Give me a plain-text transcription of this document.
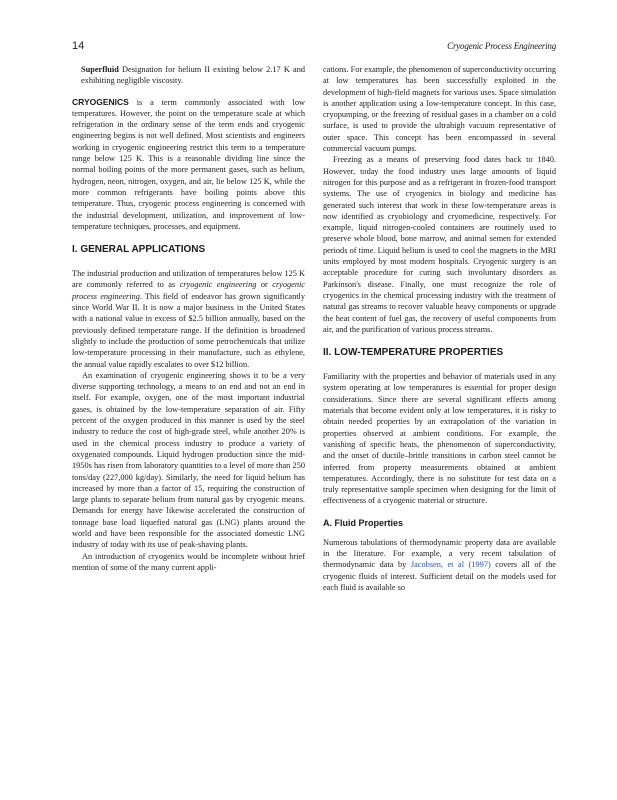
14	Cryogenic Process Engineering

Superfluid Designation for helium II existing below 2.17 K and exhibiting negligible viscosity.

CRYOGENICS is a term commonly associated with low temperatures. However, the point on the temperature scale at which refrigeration in the ordinary sense of the term ends and cryogenic engineering begins is not well defined. Most scientists and engineers working in cryogenic engineering restrict this term to a temperature range below 125 K. This is a reasonable dividing line since the normal boiling points of the more permanent gases, such as helium, hydrogen, neon, nitrogen, oxygen, and air, lie below 125 K, while the more common refrigerants have boiling points above this temperature. Thus, cryogenic process engineering is concerned with the industrial development, utilization, and improvement of low-temperature techniques, processes, and equipment.

I. GENERAL APPLICATIONS

The industrial production and utilization of temperatures below 125 K are commonly referred to as cryogenic engineering or cryogenic process engineering. This field of endeavor has grown significantly since World War II. It is now a major business in the United States with a national value in excess of $2.5 billion annually, based on the previously defined temperature range. If the definition is broadened slightly to include the production of some petrochemicals that utilize low-temperature processing in their manufacture, such as ethylene, the annual value rapidly escalates to over $12 billion.

An examination of cryogenic engineering shows it to be a very diverse supporting technology, a means to an end and not an end in itself. For example, oxygen, one of the most important industrial gases, is obtained by the low-temperature separation of air. Fifty percent of the oxygen produced in this manner is used by the steel industry to reduce the cost of high-grade steel, while another 20% is used in the chemical process industry to produce a variety of oxygenated compounds. Liquid hydrogen production since the mid-1950s has risen from laboratory quantities to a level of more than 250 tons/day (227,000 kg/day). Similarly, the need for liquid helium has increased by more than a factor of 15, requiring the construction of large plants to separate helium from natural gas by cryogenic means. Demands for energy have likewise accelerated the construction of tonnage base load liquefied natural gas (LNG) plants around the world and have been responsible for the associated domestic LNG industry of today with its use of peak-shaving plants.

An introduction of cryogenics would be incomplete without brief mention of some of the many current appli-

cations. For example, the phenomenon of superconductivity occurring at low temperatures has been successfully exploited in the development of high-field magnets for various uses. Space simulation is another application using a low-temperature concept. In this case, cryopumping, or the freezing of residual gases in a chamber on a cold surface, is used to provide the ultrahigh vacuum representative of outer space. This concept has been encompassed in several commercial vacuum pumps.

Freezing as a means of preserving food dates back to 1840. However, today the food industry uses large amounts of liquid nitrogen for this purpose and as a refrigerant in frozen-food transport systems. The use of cryogenics in biology and medicine has generated such interest that work in these low-temperature areas is now identified as cryobiology and cryomedicine, respectively. For example, liquid nitrogen-cooled containers are routinely used to preserve whole blood, bone marrow, and animal semen for extended periods of time. Liquid helium is used to cool the magnets in the MRI units employed by most modern hospitals. Cryogenic surgery is an acceptable procedure for curing such involuntary disorders as Parkinson's disease. Finally, one must recognize the role of cryogenics in the chemical processing industry with the treatment of natural gas streams to recover valuable heavy components or upgrade the heat content of fuel gas, the recovery of useful components from air, and the purification of various process streams.

II. LOW-TEMPERATURE PROPERTIES

Familiarity with the properties and behavior of materials used in any system operating at low temperatures is essential for proper design considerations. Since there are several significant effects among materials that become evident only at low temperatures, it is risky to obtain needed properties by an extrapolation of the variation in properties observed at ambient conditions. For example, the vanishing of specific heats, the phenomenon of superconductivity, and the onset of ductile–brittle transitions in carbon steel cannot be inferred from property measurements obtained at ambient temperatures. Accordingly, there is no substitute for test data on a truly representative sample specimen when designing for the limit of effectiveness of a cryogenic material or structure.

A. Fluid Properties

Numerous tabulations of thermodynamic property data are available in the literature. For example, a very recent tabulation of thermodynamic data by Jacobsen, et al (1997) covers all of the cryogenic fluids of interest. Sufficient detail on the models used for each fluid is available so
